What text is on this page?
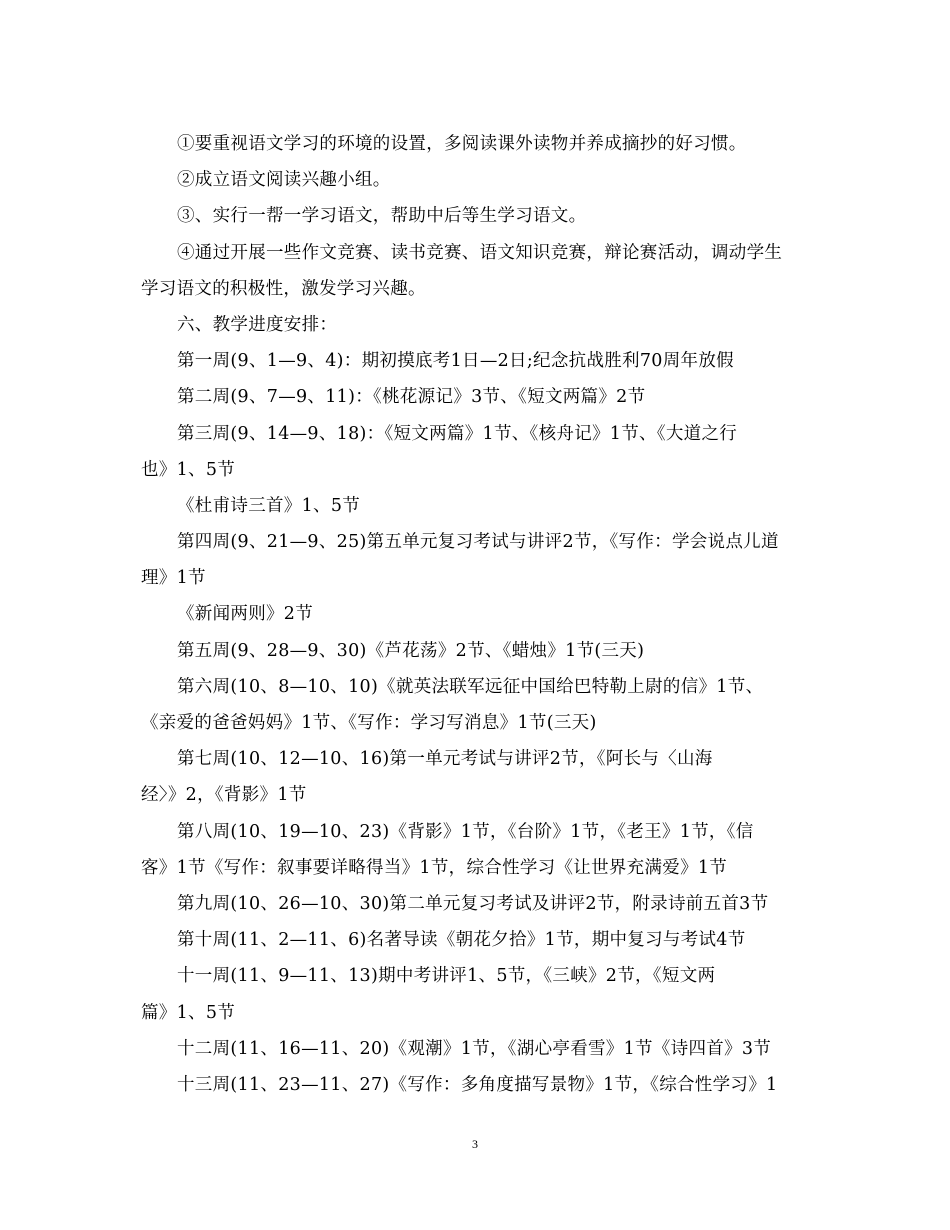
①要重视语文学习的环境的设置，多阅读课外读物并养成摘抄的好习惯。
②成立语文阅读兴趣小组。
③、实行一帮一学习语文，帮助中后等生学习语文。
④通过开展一些作文竞赛、读书竞赛、语文知识竞赛，辩论赛活动，调动学生
学习语文的积极性，激发学习兴趣。
六、教学进度安排：
第一周(9、1—9、4)：期初摸底考1日—2日;纪念抗战胜利70周年放假
第二周(9、7—9、11)：《桃花源记》3节、《短文两篇》2节
第三周(9、14—9、18)：《短文两篇》1节、《核舟记》1节、《大道之行
也》1、5节
《杜甫诗三首》1、5节
第四周(9、21—9、25)第五单元复习考试与讲评2节，《写作：学会说点儿道
理》1节
《新闻两则》2节
第五周(9、28—9、30)《芦花荡》2节、《蜡烛》1节(三天)
第六周(10、8—10、10)《就英法联军远征中国给巴特勒上尉的信》1节、
《亲爱的爸爸妈妈》1节、《写作：学习写消息》1节(三天)
第七周(10、12—10、16)第一单元考试与讲评2节，《阿长与〈山海
经〉》2，《背影》1节
第八周(10、19—10、23)《背影》1节，《台阶》1节，《老王》1节，《信
客》1节《写作：叙事要详略得当》1节，综合性学习《让世界充满爱》1节
第九周(10、26—10、30)第二单元复习考试及讲评2节，附录诗前五首3节
第十周(11、2—11、6)名著导读《朝花夕拾》1节，期中复习与考试4节
十一周(11、9—11、13)期中考讲评1、5节，《三峡》2节，《短文两
篇》1、5节
十二周(11、16—11、20)《观潮》1节，《湖心亭看雪》1节《诗四首》3节
十三周(11、23—11、27)《写作：多角度描写景物》1节，《综合性学习》1
3
